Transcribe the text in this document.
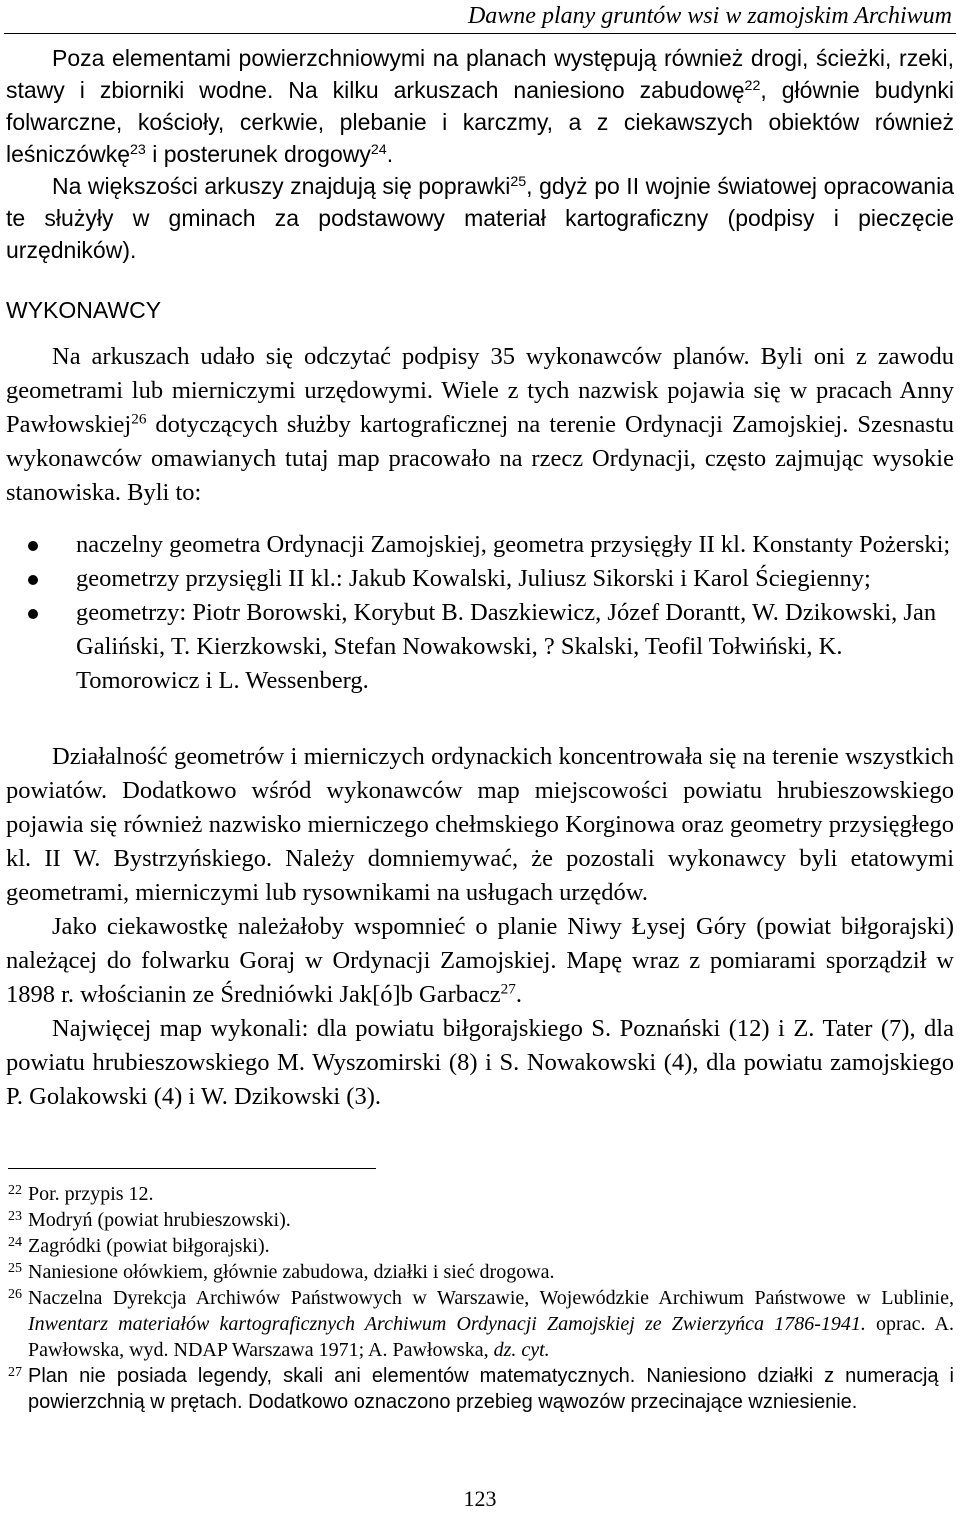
Dawne plany gruntów wsi w zamojskim Archiwum

Poza elementami powierzchniowymi na planach występują również drogi, ścieżki, rzeki, stawy i zbiorniki wodne. Na kilku arkuszach naniesiono zabudowę$^{22}$, głównie budynki folwarczne, kościoły, cerkwie, plebanie i karczmy, a z ciekawszych obiektów również leśniczówkę$^{23}$ i posterunek drogowy$^{24}$.

Na większości arkuszy znajdują się poprawki$^{25}$, gdyż po II wojnie światowej opracowania te służyły w gminach za podstawowy materiał kartograficzny (podpisy i pieczęcie urzędników).

WYKONAWCY

Na arkuszach udało się odczytać podpisy 35 wykonawców planów. Byli oni z zawodu geometrami lub mierniczymi urzędowymi. Wiele z tych nazwisk pojawia się w pracach Anny Pawłowskiej$^{26}$ dotyczących służby kartograficznej na terenie Ordynacji Zamojskiej. Szesnastu wykonawców omawianych tutaj map pracowało na rzecz Ordynacji, często zajmując wysokie stanowiska. Byli to:

naczelny geometra Ordynacji Zamojskiej, geometra przysięgły II kl. Konstanty Pożerski;
geometrzy przysięgli II kl.: Jakub Kowalski, Juliusz Sikorski i Karol Ściegienny;
geometrzy: Piotr Borowski, Korybut B. Daszkiewicz, Józef Dorantt, W. Dzikowski, Jan Galiński, T. Kierzkowski, Stefan Nowakowski, ? Skalski, Teofil Tołwiński, K. Tomorowicz i L. Wessenberg.

Działalność geometrów i mierniczych ordynackich koncentrowała się na terenie wszystkich powiatów. Dodatkowo wśród wykonawców map miejscowości powiatu hrubieszowskiego pojawia się również nazwisko mierniczego chełmskiego Korginowa oraz geometry przysięgłego kl. II W. Bystrzyńskiego. Należy domniemywać, że pozostali wykonawcy byli etatowymi geometrami, mierniczymi lub rysownikami na usługach urzędów.

Jako ciekawostkę należałoby wspomnieć o planie Niwy Łysej Góry (powiat biłgorajski) należącej do folwarku Goraj w Ordynacji Zamojskiej. Mapę wraz z pomiarami sporządził w 1898 r. włościanin ze Średniówki Jak[ó]b Garbacz$^{27}$.

Najwięcej map wykonali: dla powiatu biłgorajskiego S. Poznański (12) i Z. Tater (7), dla powiatu hrubieszowskiego M. Wyszomirski (8) i S. Nowakowski (4), dla powiatu zamojskiego P. Golakowski (4) i W. Dzikowski (3).

22 Por. przypis 12.

23 Modryń (powiat hrubieszowski).

24 Zagródki (powiat biłgorajski).

25 Naniesione ołówkiem, głównie zabudowa, działki i sieć drogowa.

26 Naczelna Dyrekcja Archiwów Państwowych w Warszawie, Wojewódzkie Archiwum Państwowe w Lublinie, Inwentarz materiałów kartograficznych Archiwum Ordynacji Zamojskiej ze Zwierzyńca 1786-1941. oprac. A. Pawłowska, wyd. NDAP Warszawa 1971; A. Pawłowska, dz. cyt.

27 Plan nie posiada legendy, skali ani elementów matematycznych. Naniesiono działki z numeracją i powierzchnią w prętach. Dodatkowo oznaczono przebieg wąwozów przecinające wzniesienie.

123
